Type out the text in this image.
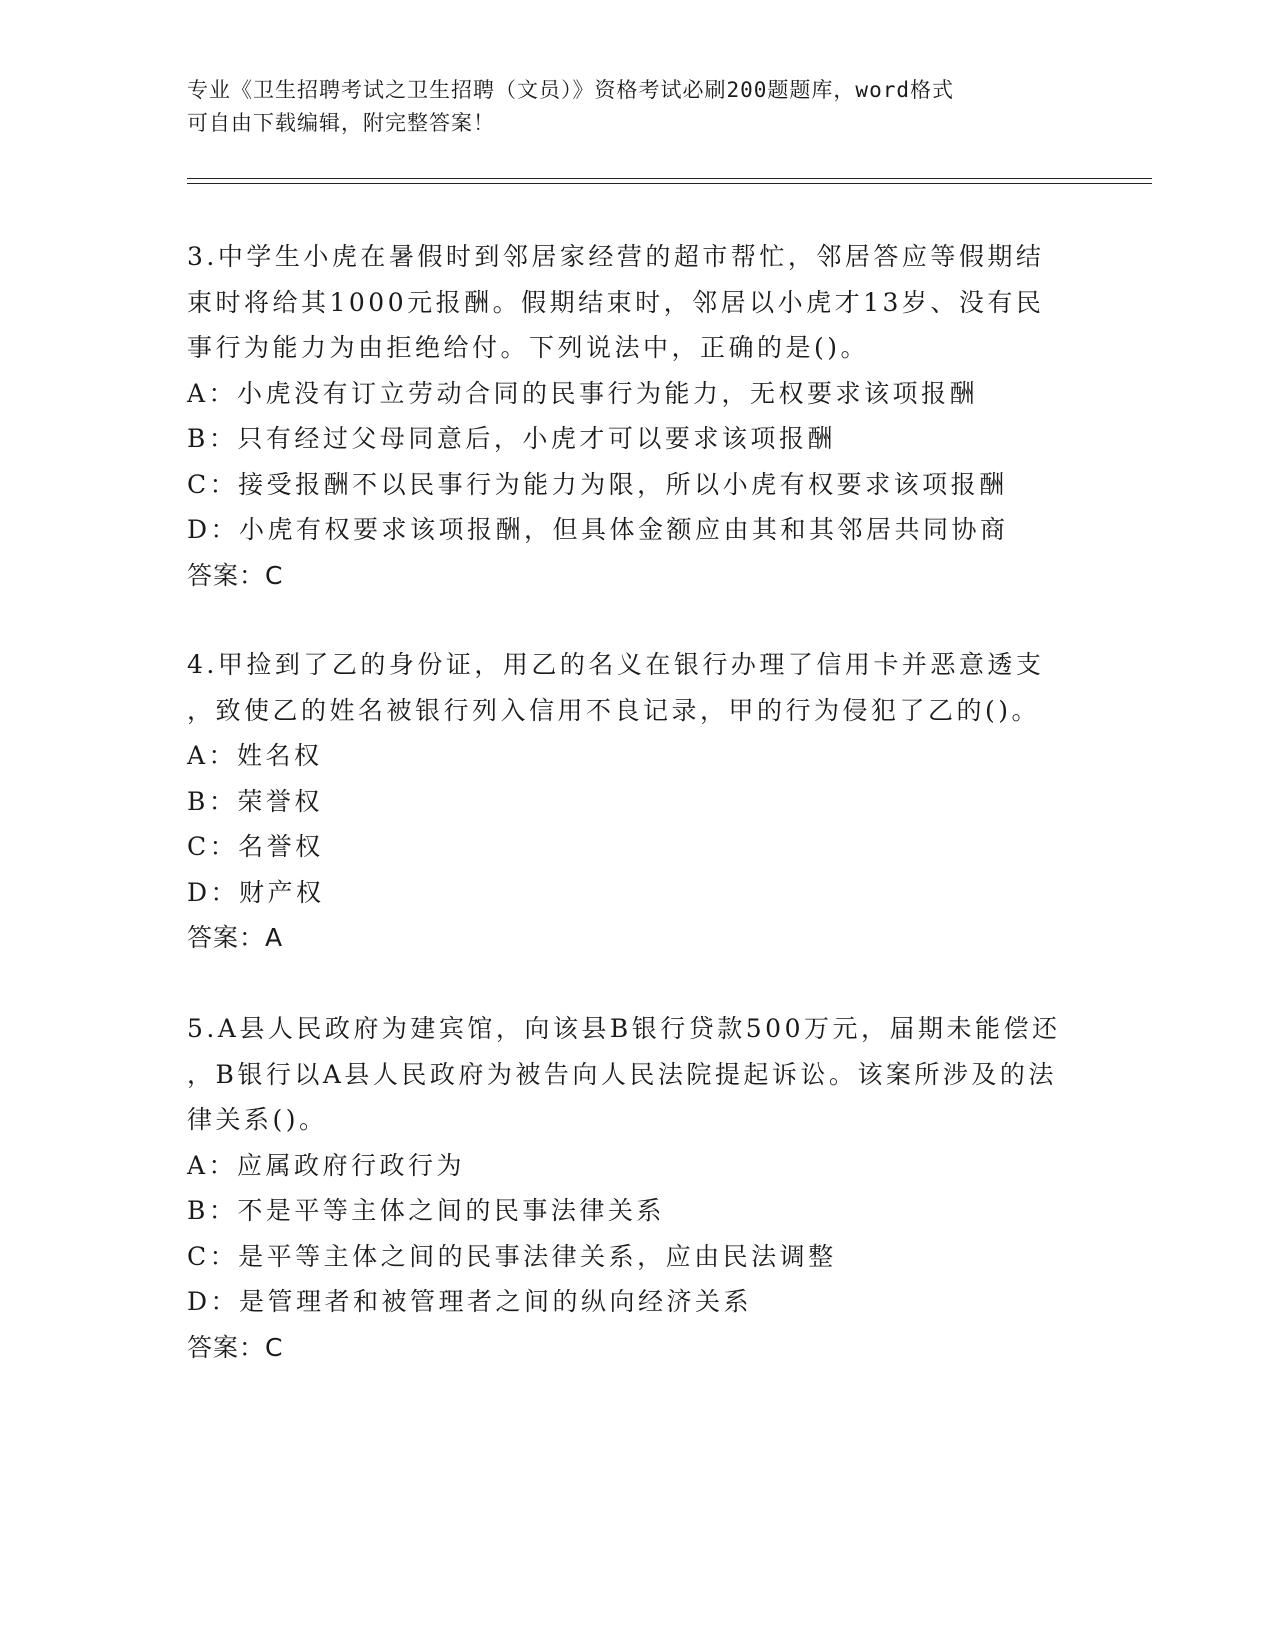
专业《卫生招聘考试之卫生招聘（文员）》资格考试必刷200题题库，word格式
可自由下载编辑，附完整答案！
3.中学生小虎在暑假时到邻居家经营的超市帮忙，邻居答应等假期结
束时将给其1000元报酬。假期结束时，邻居以小虎才13岁、没有民
事行为能力为由拒绝给付。下列说法中，正确的是()。
A：小虎没有订立劳动合同的民事行为能力，无权要求该项报酬
B：只有经过父母同意后，小虎才可以要求该项报酬
C：接受报酬不以民事行为能力为限，所以小虎有权要求该项报酬
D：小虎有权要求该项报酬，但具体金额应由其和其邻居共同协商
答案：C
4.甲捡到了乙的身份证，用乙的名义在银行办理了信用卡并恶意透支
，致使乙的姓名被银行列入信用不良记录，甲的行为侵犯了乙的()。
A：姓名权
B：荣誉权
C：名誉权
D：财产权
答案：A
5.A县人民政府为建宾馆，向该县B银行贷款500万元，届期未能偿还
，B银行以A县人民政府为被告向人民法院提起诉讼。该案所涉及的法
律关系()。
A：应属政府行政行为
B：不是平等主体之间的民事法律关系
C：是平等主体之间的民事法律关系，应由民法调整
D：是管理者和被管理者之间的纵向经济关系
答案：C
